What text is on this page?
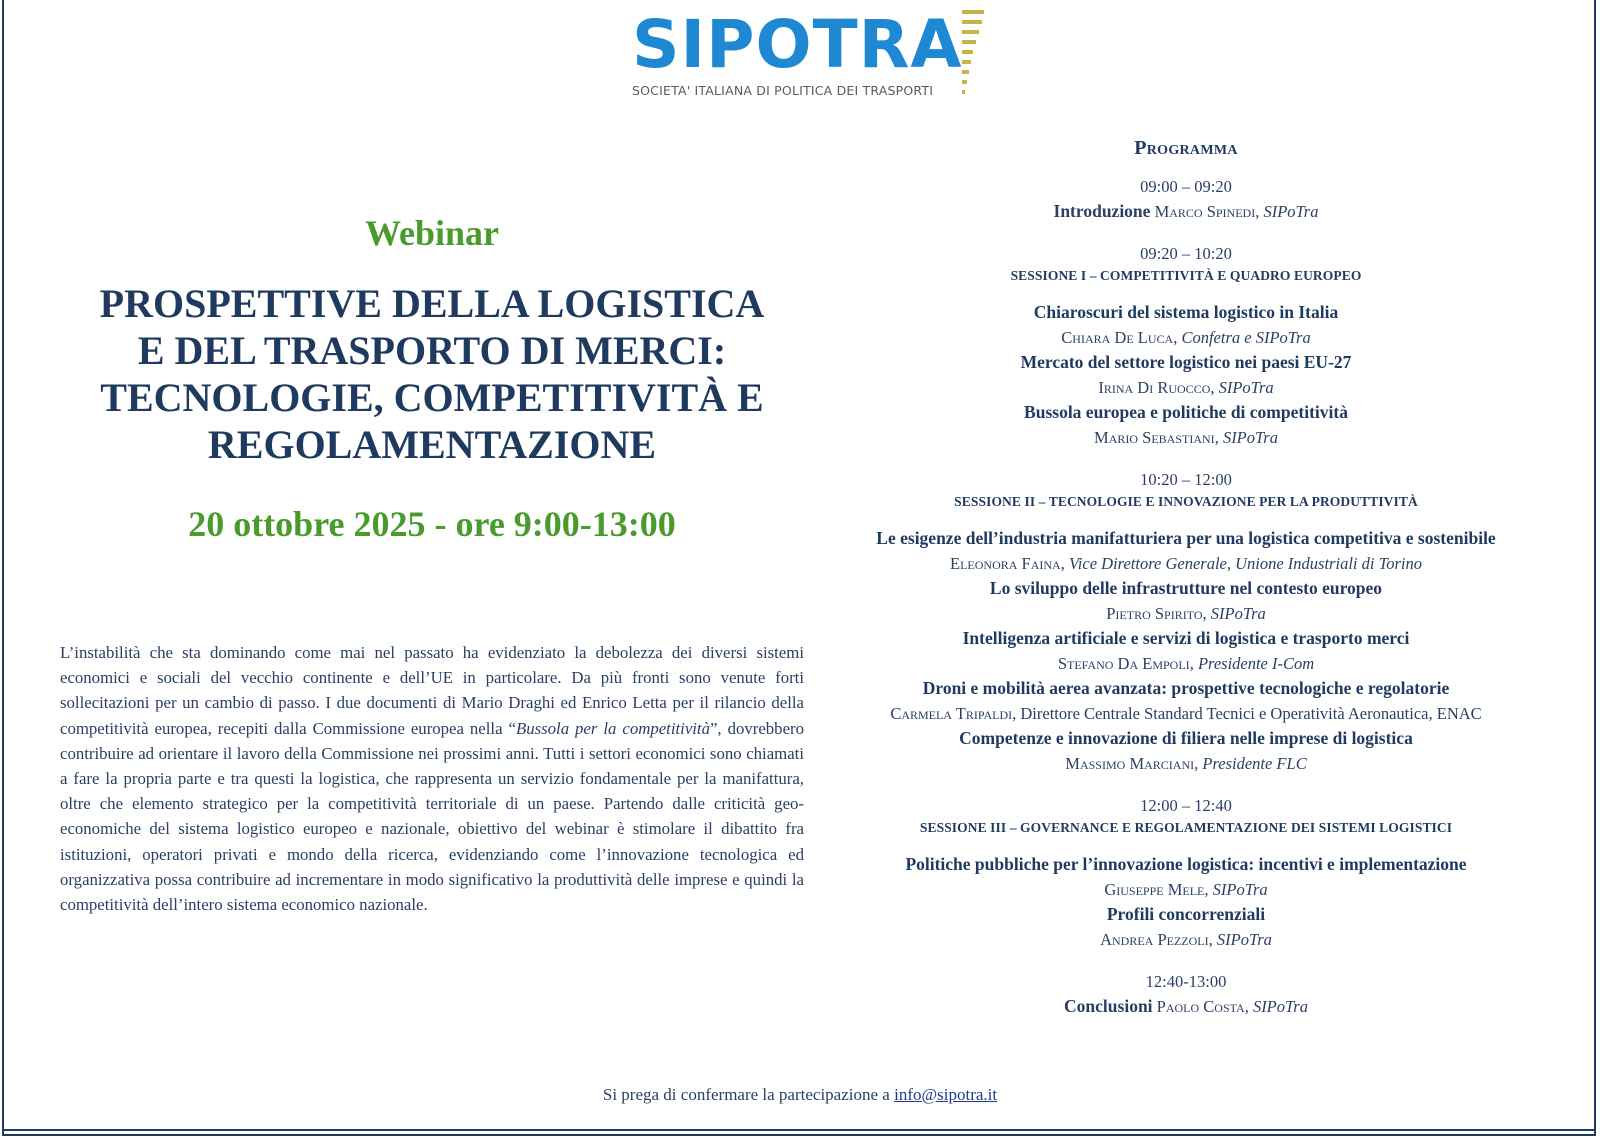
SIPOTRA
SOCIETA' ITALIANA DI POLITICA DEI TRASPORTI
Webinar
PROSPETTIVE DELLA LOGISTICA
E DEL TRASPORTO DI MERCI:
TECNOLOGIE, COMPETITIVITÀ E
REGOLAMENTAZIONE
20 ottobre 2025 - ore 9:00-13:00
L’instabilità che sta dominando come mai nel passato ha evidenziato la debolezza dei diversi sistemi economici e sociali del vecchio continente e dell’UE in particolare. Da più fronti sono venute forti sollecitazioni per un cambio di passo. I due documenti di Mario Draghi ed Enrico Letta per il rilancio della competitività europea, recepiti dalla Commissione europea nella “Bussola per la competitività”, dovrebbero contribuire ad orientare il lavoro della Commissione nei prossimi anni. Tutti i settori economici sono chiamati a fare la propria parte e tra questi la logistica, che rappresenta un servizio fondamentale per la manifattura, oltre che elemento strategico per la competitività territoriale di un paese. Partendo dalle criticità geo-economiche del sistema logistico europeo e nazionale, obiettivo del webinar è stimolare il dibattito fra istituzioni, operatori privati e mondo della ricerca, evidenziando come l’innovazione tecnologica ed organizzativa possa contribuire ad incrementare in modo significativo la produttività delle imprese e quindi la competitività dell’intero sistema economico nazionale.
Programma
09:00 – 09:20
Introduzione Marco Spinedi, SIPoTra
09:20 – 10:20
SESSIONE I – COMPETITIVITÀ E QUADRO EUROPEO
Chiaroscuri del sistema logistico in Italia
Chiara De Luca, Confetra e SIPoTra
Mercato del settore logistico nei paesi EU-27
Irina Di Ruocco, SIPoTra
Bussola europea e politiche di competitività
Mario Sebastiani, SIPoTra
10:20 – 12:00
SESSIONE II – TECNOLOGIE E INNOVAZIONE PER LA PRODUTTIVITÀ
Le esigenze dell’industria manifatturiera per una logistica competitiva e sostenibile
Eleonora Faina, Vice Direttore Generale, Unione Industriali di Torino
Lo sviluppo delle infrastrutture nel contesto europeo
Pietro Spirito, SIPoTra
Intelligenza artificiale e servizi di logistica e trasporto merci
Stefano Da Empoli, Presidente I-Com
Droni e mobilità aerea avanzata: prospettive tecnologiche e regolatorie
Carmela Tripaldi, Direttore Centrale Standard Tecnici e Operatività Aeronautica, ENAC
Competenze e innovazione di filiera nelle imprese di logistica
Massimo Marciani, Presidente FLC
12:00 – 12:40
SESSIONE III – GOVERNANCE E REGOLAMENTAZIONE DEI SISTEMI LOGISTICI
Politiche pubbliche per l’innovazione logistica: incentivi e implementazione
Giuseppe Mele, SIPoTra
Profili concorrenziali
Andrea Pezzoli, SIPoTra
12:40-13:00
Conclusioni Paolo Costa, SIPoTra
Si prega di confermare la partecipazione a info@sipotra.it
